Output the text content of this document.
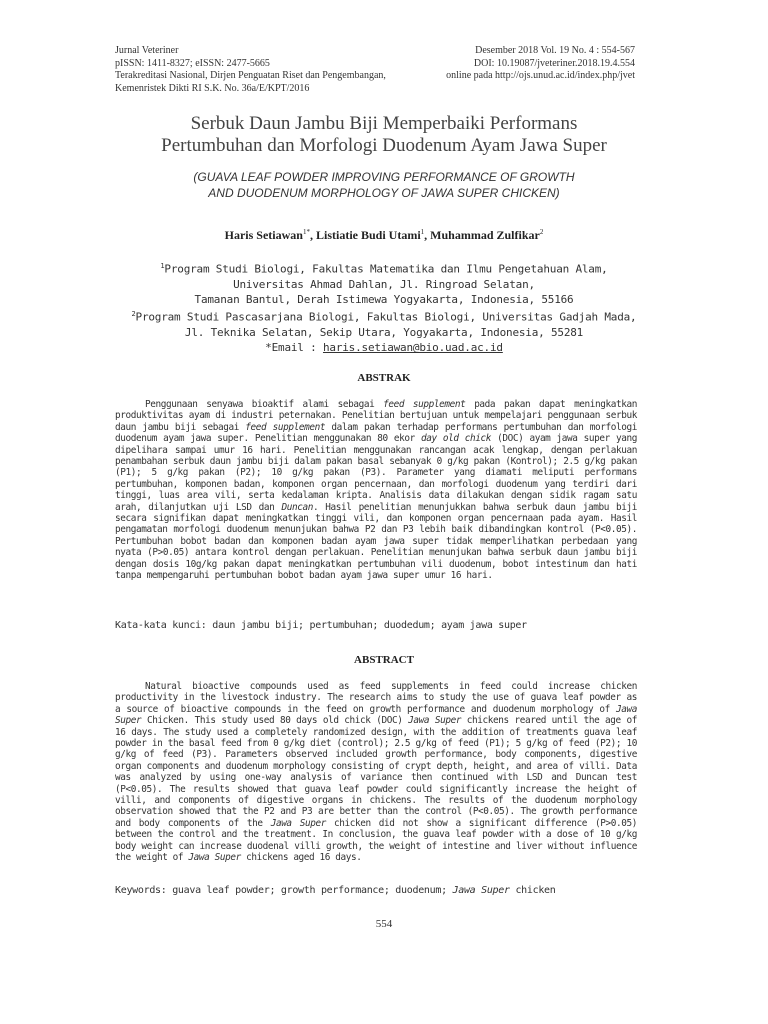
Jurnal Veteriner
pISSN: 1411-8327; eISSN: 2477-5665
Terakreditasi Nasional, Dirjen Penguatan Riset dan Pengembangan,
Kemenristek Dikti RI S.K. No. 36a/E/KPT/2016
Desember 2018 Vol. 19 No. 4 : 554-567
DOI: 10.19087/jveteriner.2018.19.4.554
online pada http://ojs.unud.ac.id/index.php/jvet
Serbuk Daun Jambu Biji Memperbaiki Performans
Pertumbuhan dan Morfologi Duodenum Ayam Jawa Super
(GUAVA LEAF POWDER IMPROVING PERFORMANCE OF GROWTH
AND DUODENUM MORPHOLOGY OF JAWA SUPER CHICKEN)
Haris Setiawan$^{1*}$, Listiatie Budi Utami$^1$, Muhammad Zulfikar$^2$
$^1$Program Studi Biologi, Fakultas Matematika dan Ilmu Pengetahuan Alam,
Universitas Ahmad Dahlan, Jl. Ringroad Selatan,
Tamanan Bantul, Derah Istimewa Yogyakarta, Indonesia, 55166
$^2$Program Studi Pascasarjana Biologi, Fakultas Biologi, Universitas Gadjah Mada,
Jl. Teknika Selatan, Sekip Utara, Yogyakarta, Indonesia, 55281
*Email : haris.setiawan@bio.uad.ac.id
ABSTRAK
Penggunaan senyawa bioaktif alami sebagai feed supplement pada pakan dapat meningkatkan produktivitas ayam di industri peternakan. Penelitian bertujuan untuk mempelajari penggunaan serbuk daun jambu biji sebagai feed supplement dalam pakan terhadap performans pertumbuhan dan morfologi duodenum ayam jawa super. Penelitian menggunakan 80 ekor day old chick (DOC) ayam jawa super yang dipelihara sampai umur 16 hari. Penelitian menggunakan rancangan acak lengkap, dengan perlakuan penambahan serbuk daun jambu biji dalam pakan basal sebanyak 0 g/kg pakan (Kontrol); 2.5 g/kg pakan (P1); 5 g/kg pakan (P2); 10 g/kg pakan (P3). Parameter yang diamati meliputi performans pertumbuhan, komponen badan, komponen organ pencernaan, dan morfologi duodenum yang terdiri dari tinggi, luas area vili, serta kedalaman kripta. Analisis data dilakukan dengan sidik ragam satu arah, dilanjutkan uji LSD dan Duncan. Hasil penelitian menunjukkan bahwa serbuk daun jambu biji secara signifikan dapat meningkatkan tinggi vili, dan komponen organ pencernaan pada ayam. Hasil pengamatan morfologi duodenum menunjukan bahwa P2 dan P3 lebih baik dibandingkan kontrol (P<0.05). Pertumbuhan bobot badan dan komponen badan ayam jawa super tidak memperlihatkan perbedaan yang nyata (P>0.05) antara kontrol dengan perlakuan. Penelitian menunjukan bahwa serbuk daun jambu biji dengan dosis 10g/kg pakan dapat meningkatkan pertumbuhan vili duodenum, bobot intestinum dan hati tanpa mempengaruhi pertumbuhan bobot badan ayam jawa super umur 16 hari.
Kata-kata kunci: daun jambu biji; pertumbuhan; duodedum; ayam jawa super
ABSTRACT
Natural bioactive compounds used as feed supplements in feed could increase chicken productivity in the livestock industry. The research aims to study the use of guava leaf powder as a source of bioactive compounds in the feed on growth performance and duodenum morphology of Jawa Super Chicken. This study used 80 days old chick (DOC) Jawa Super chickens reared until the age of 16 days. The study used a completely randomized design, with the addition of treatments guava leaf powder in the basal feed from 0 g/kg diet (control); 2.5 g/kg of feed (P1); 5 g/kg of feed (P2); 10 g/kg of feed (P3). Parameters observed included growth performance, body components, digestive organ components and duodenum morphology consisting of crypt depth, height, and area of villi. Data was analyzed by using one-way analysis of variance then continued with LSD and Duncan test (P<0.05). The results showed that guava leaf powder could significantly increase the height of villi, and components of digestive organs in chickens. The results of the duodenum morphology observation showed that the P2 and P3 are better than the control (P<0.05). The growth performance and body components of the Jawa Super chicken did not show a significant difference (P>0.05) between the control and the treatment. In conclusion, the guava leaf powder with a dose of 10 g/kg body weight can increase duodenal villi growth, the weight of intestine and liver without influence the weight of Jawa Super chickens aged 16 days.
Keywords: guava leaf powder; growth performance; duodenum; Jawa Super chicken
554
